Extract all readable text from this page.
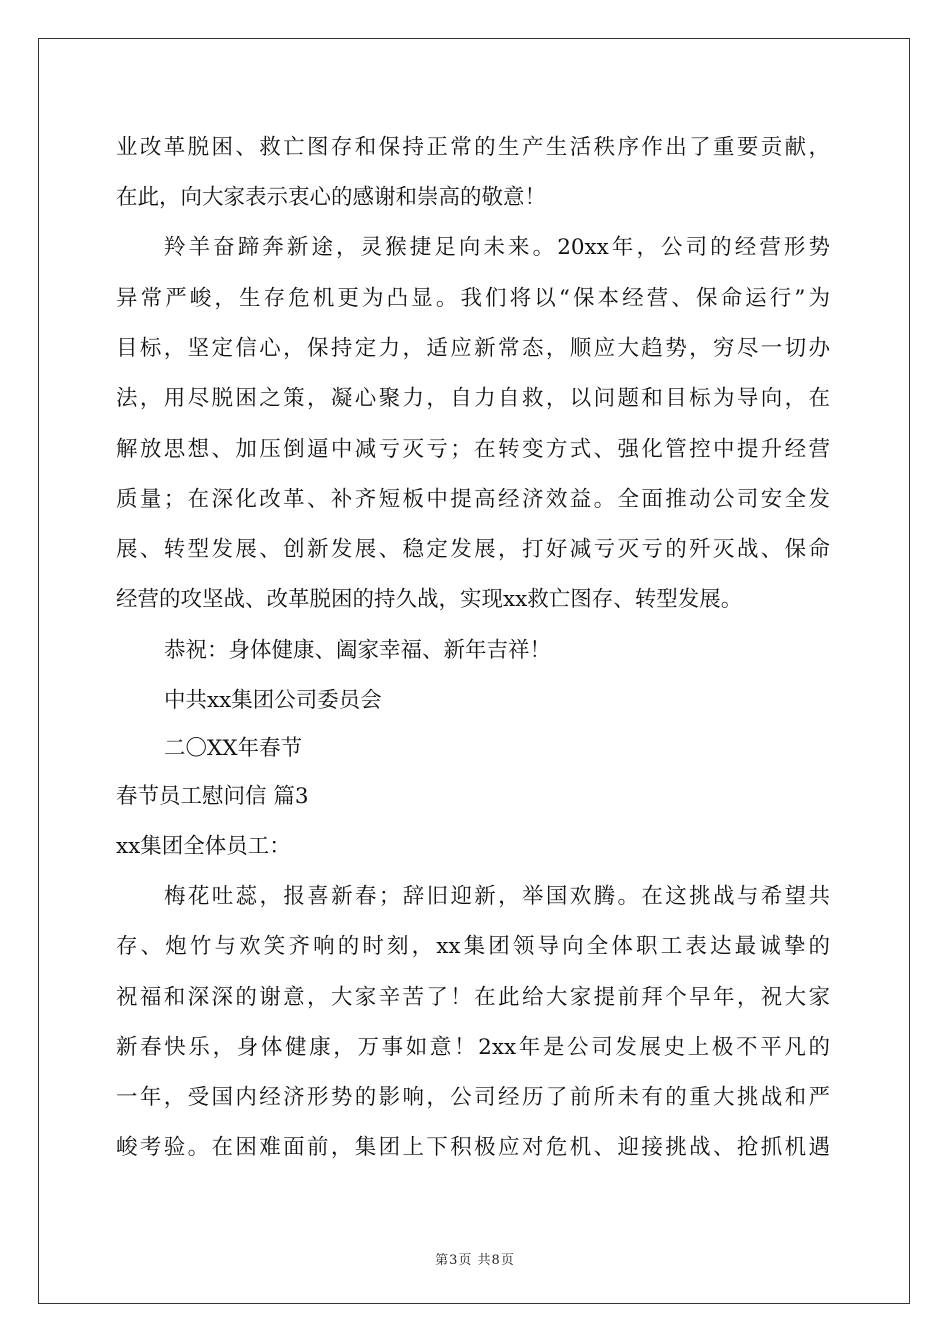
业改革脱困、救亡图存和保持正常的生产生活秩序作出了重要贡献，
在此，向大家表示衷心的感谢和崇高的敬意！
羚羊奋蹄奔新途，灵猴捷足向未来。20xx年，公司的经营形势
异常严峻，生存危机更为凸显。我们将以“保本经营、保命运行”为
目标，坚定信心，保持定力，适应新常态，顺应大趋势，穷尽一切办
法，用尽脱困之策，凝心聚力，自力自救，以问题和目标为导向，在
解放思想、加压倒逼中减亏灭亏；在转变方式、强化管控中提升经营
质量；在深化改革、补齐短板中提高经济效益。全面推动公司安全发
展、转型发展、创新发展、稳定发展，打好减亏灭亏的歼灭战、保命
经营的攻坚战、改革脱困的持久战，实现xx救亡图存、转型发展。
恭祝：身体健康、阖家幸福、新年吉祥！
中共xx集团公司委员会
二〇XX年春节
春节员工慰问信 篇3
xx集团全体员工：
梅花吐蕊，报喜新春；辞旧迎新，举国欢腾。在这挑战与希望共
存、炮竹与欢笑齐响的时刻，xx集团领导向全体职工表达最诚挚的
祝福和深深的谢意，大家辛苦了！在此给大家提前拜个早年，祝大家
新春快乐，身体健康，万事如意！2xx年是公司发展史上极不平凡的
一年，受国内经济形势的影响，公司经历了前所未有的重大挑战和严
峻考验。在困难面前，集团上下积极应对危机、迎接挑战、抢抓机遇
第3页 共8页
